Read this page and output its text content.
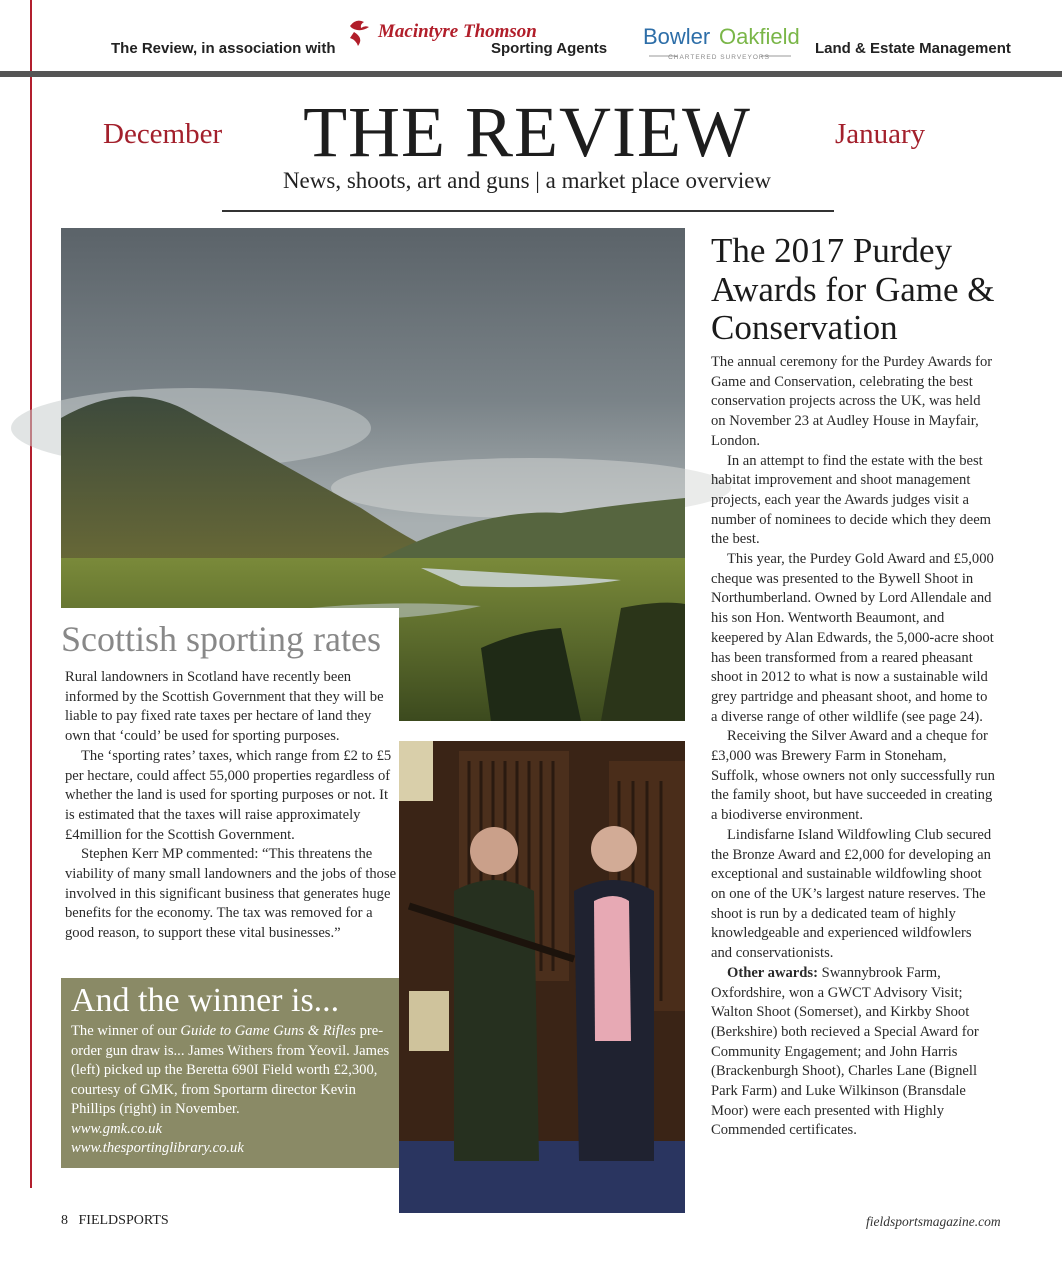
The Review, in association with
Macintyre Thomson
Sporting Agents Bowler Oakfield
CHARTERED SURVEYORS
Land & Estate Management
December	THE REVIEW	January
News, shoots, art and guns | a market place overview
Scottish sporting rates

Rural landowners in Scotland have recently been informed by the Scottish Government that they will be liable to pay fixed rate taxes per hectare of land they own that ‘could’ be used for sporting purposes.

The ‘sporting rates’ taxes, which range from £2 to £5 per hectare, could affect 55,000 properties regardless of whether the land is used for sporting purposes or not. It is estimated that the taxes will raise approximately £4million for the Scottish Government.

Stephen Kerr MP commented: “This threatens the viability of many small landowners and the jobs of those involved in this significant business that generates huge benefits for the economy. The tax was removed for a good reason, to support these vital businesses.”

And the winner is...

The winner of our Guide to Game Guns & Rifles pre-order gun draw is... James Withers from Yeovil. James (left) picked up the Beretta 690I Field worth £2,300, courtesy of GMK, from Sportarm director Kevin Phillips (right) in November.

www.gmk.co.uk

www.thesportinglibrary.co.uk

The 2017 Purdey Awards for Game & Conservation

The annual ceremony for the Purdey Awards for Game and Conservation, celebrating the best conservation projects across the UK, was held on November 23 at Audley House in Mayfair, London.

In an attempt to find the estate with the best habitat improvement and shoot management projects, each year the Awards judges visit a number of nominees to decide which they deem the best.

This year, the Purdey Gold Award and £5,000 cheque was presented to the Bywell Shoot in Northumberland. Owned by Lord Allendale and his son Hon. Wentworth Beaumont, and keepered by Alan Edwards, the 5,000-acre shoot has been transformed from a reared pheasant shoot in 2012 to what is now a sustainable wild grey partridge and pheasant shoot, and home to a diverse range of other wildlife (see page 24).

Receiving the Silver Award and a cheque for £3,000 was Brewery Farm in Stoneham, Suffolk, whose owners not only successfully run the family shoot, but have succeeded in creating a biodiverse environment.

Lindisfarne Island Wildfowling Club secured the Bronze Award and £2,000 for developing an exceptional and sustainable wildfowling shoot on one of the UK’s largest nature reserves. The shoot is run by a dedicated team of highly knowledgeable and experienced wildfowlers and conservationists.

Other awards: Swannybrook Farm, Oxfordshire, won a GWCT Advisory Visit; Walton Shoot (Somerset), and Kirkby Shoot (Berkshire) both recieved a Special Award for Community Engagement; and John Harris (Brackenburgh Shoot), Charles Lane (Bignell Park Farm) and Luke Wilkinson (Bransdale Moor) were each presented with Highly Commended certificates.

8 FIELDSPORTS	fieldsportsmagazine.com
